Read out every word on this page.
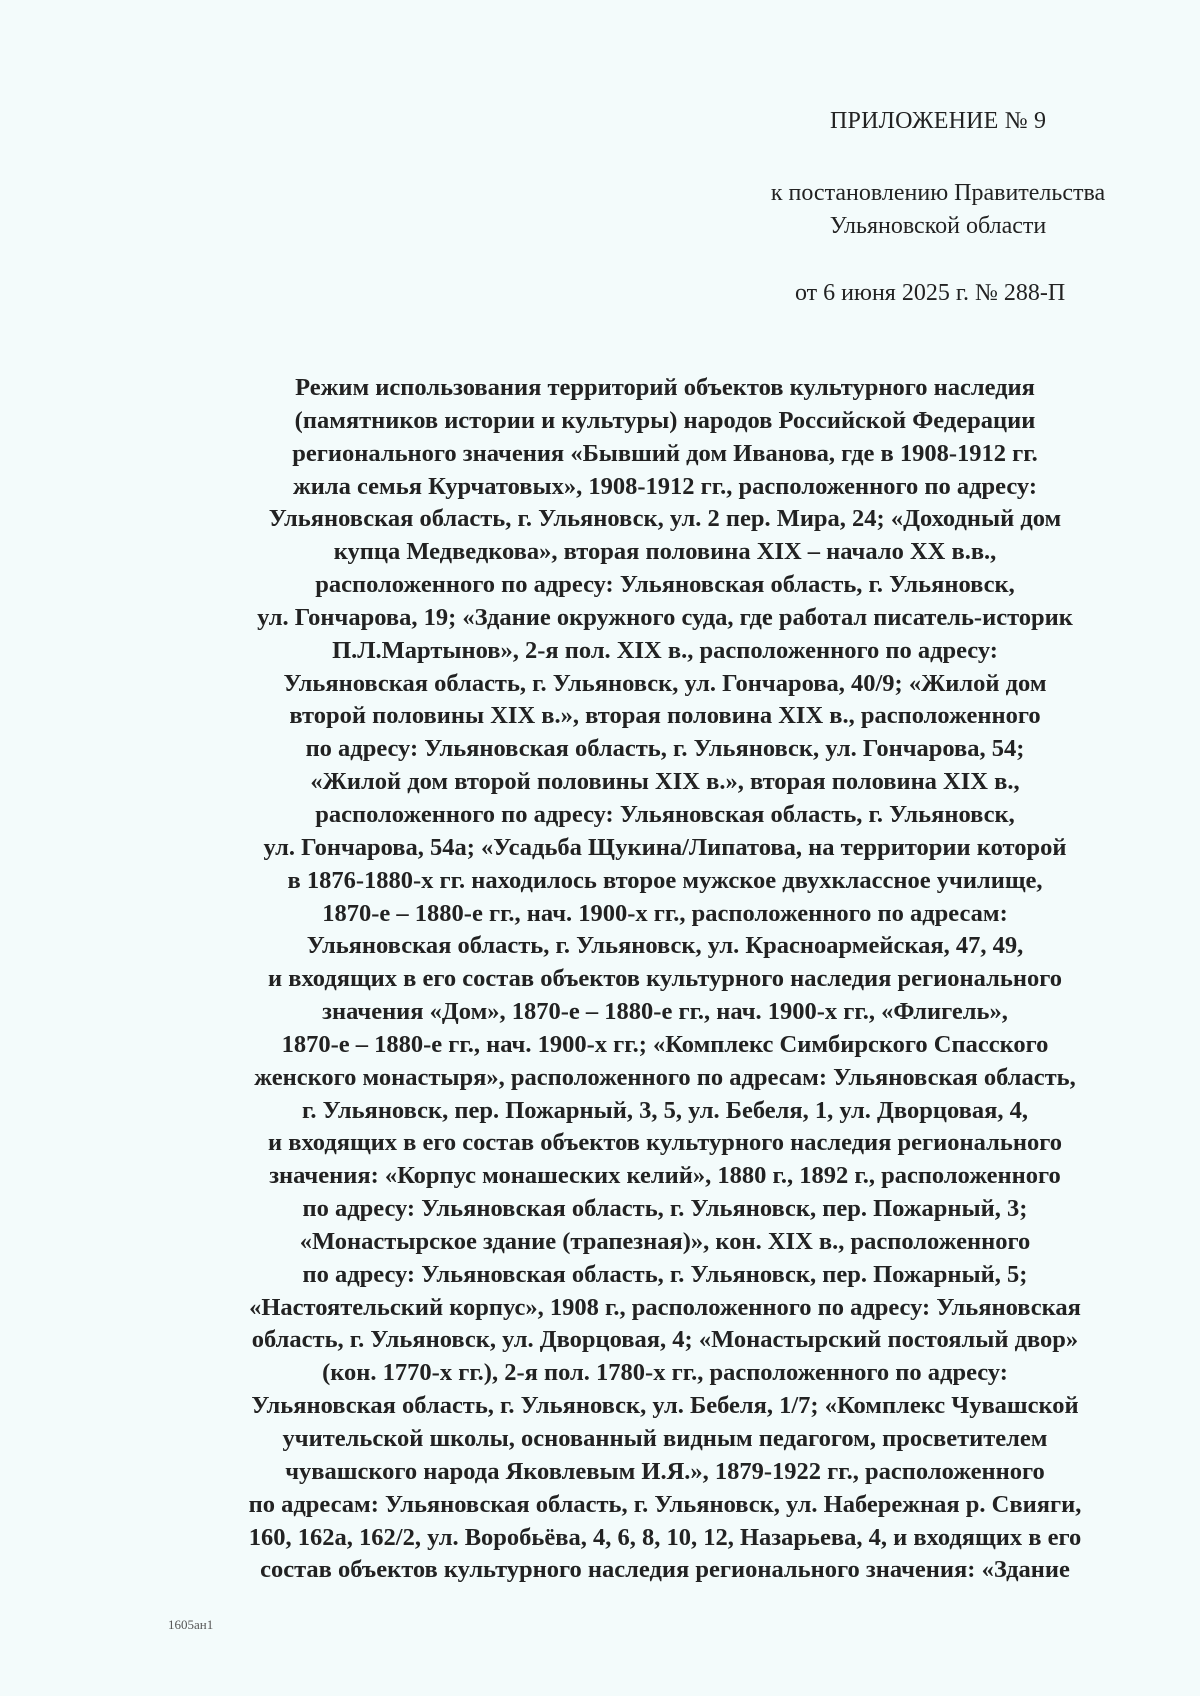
ПРИЛОЖЕНИЕ № 9
к постановлению Правительства
Ульяновской области
от 6 июня 2025 г. № 288-П
Режим использования территорий объектов культурного наследия
(памятников истории и культуры) народов Российской Федерации
регионального значения «Бывший дом Иванова, где в 1908-1912 гг.
жила семья Курчатовых», 1908-1912 гг., расположенного по адресу:
Ульяновская область, г. Ульяновск, ул. 2 пер. Мира, 24; «Доходный дом
купца Медведкова», вторая половина XIX – начало XX в.в.,
расположенного по адресу: Ульяновская область, г. Ульяновск,
ул. Гончарова, 19; «Здание окружного суда, где работал писатель-историк
П.Л.Мартынов», 2-я пол. XIX в., расположенного по адресу:
Ульяновская область, г. Ульяновск, ул. Гончарова, 40/9; «Жилой дом
второй половины XIX в.», вторая половина XIX в., расположенного
по адресу: Ульяновская область, г. Ульяновск, ул. Гончарова, 54;
«Жилой дом второй половины XIX в.», вторая половина XIX в.,
расположенного по адресу: Ульяновская область, г. Ульяновск,
ул. Гончарова, 54а; «Усадьба Щукина/Липатова, на территории которой
в 1876-1880-х гг. находилось второе мужское двухклассное училище,
1870-е – 1880-е гг., нач. 1900-х гг., расположенного по адресам:
Ульяновская область, г. Ульяновск, ул. Красноармейская, 47, 49,
и входящих в его состав объектов культурного наследия регионального
значения «Дом», 1870-е – 1880-е гг., нач. 1900-х гг., «Флигель»,
1870-е – 1880-е гг., нач. 1900-х гг.; «Комплекс Симбирского Спасского
женского монастыря», расположенного по адресам: Ульяновская область,
г. Ульяновск, пер. Пожарный, 3, 5, ул. Бебеля, 1, ул. Дворцовая, 4,
и входящих в его состав объектов культурного наследия регионального
значения: «Корпус монашеских келий», 1880 г., 1892 г., расположенного
по адресу: Ульяновская область, г. Ульяновск, пер. Пожарный, 3;
«Монастырское здание (трапезная)», кон. XIX в., расположенного
по адресу: Ульяновская область, г. Ульяновск, пер. Пожарный, 5;
«Настоятельский корпус», 1908 г., расположенного по адресу: Ульяновская
область, г. Ульяновск, ул. Дворцовая, 4; «Монастырский постоялый двор»
(кон. 1770-х гг.), 2-я пол. 1780-х гг., расположенного по адресу:
Ульяновская область, г. Ульяновск, ул. Бебеля, 1/7; «Комплекс Чувашской
учительской школы, основанный видным педагогом, просветителем
чувашского народа Яковлевым И.Я.», 1879-1922 гг., расположенного
по адресам: Ульяновская область, г. Ульяновск, ул. Набережная р. Свияги,
160, 162а, 162/2, ул. Воробьёва, 4, 6, 8, 10, 12, Назарьева, 4, и входящих в его
состав объектов культурного наследия регионального значения: «Здание
1605ан1
